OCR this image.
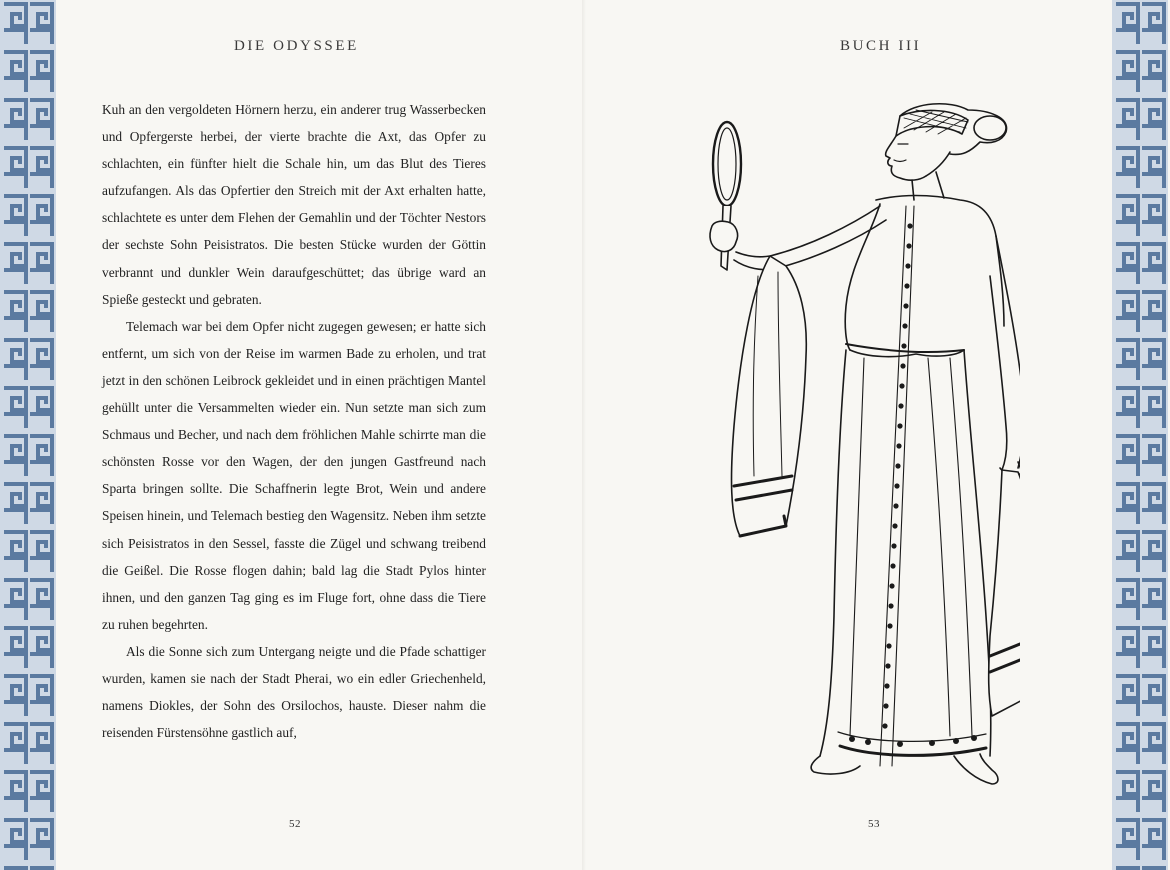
DIE ODYSSEE	BUCH III

Kuh an den vergoldeten Hörnern herzu, ein anderer trug Wasserbecken und Opfergerste herbei, der vierte brachte die Axt, das Opfer zu schlachten, ein fünfter hielt die Schale hin, um das Blut des Tieres aufzufangen. Als das Opfertier den Streich mit der Axt erhalten hatte, schlachtete es unter dem Flehen der Gemahlin und der Töchter Nestors der sechste Sohn Peisistratos. Die besten Stücke wurden der Göttin verbrannt und dunkler Wein daraufgeschüttet; das übrige ward an Spieße gesteckt und gebraten.

Telemach war bei dem Opfer nicht zugegen gewesen; er hatte sich entfernt, um sich von der Reise im warmen Bade zu erholen, und trat jetzt in den schönen Leibrock gekleidet und in einen prächtigen Mantel gehüllt unter die Versammelten wieder ein. Nun setzte man sich zum Schmaus und Becher, und nach dem fröhlichen Mahle schirrte man die schönsten Rosse vor den Wagen, der den jungen Gastfreund nach Sparta bringen sollte. Die Schaffnerin legte Brot, Wein und andere Speisen hinein, und Telemach bestieg den Wagensitz. Neben ihm setzte sich Peisistratos in den Sessel, fasste die Zügel und schwang treibend die Geißel. Die Rosse flogen dahin; bald lag die Stadt Pylos hinter ihnen, und den ganzen Tag ging es im Fluge fort, ohne dass die Tiere zu ruhen begehrten.

Als die Sonne sich zum Untergang neigte und die Pfade schattiger wurden, kamen sie nach der Stadt Pherai, wo ein edler Griechenheld, namens Diokles, der Sohn des Orsilochos, hauste. Dieser nahm die reisenden Fürstensöhne gastlich auf,

52	53
